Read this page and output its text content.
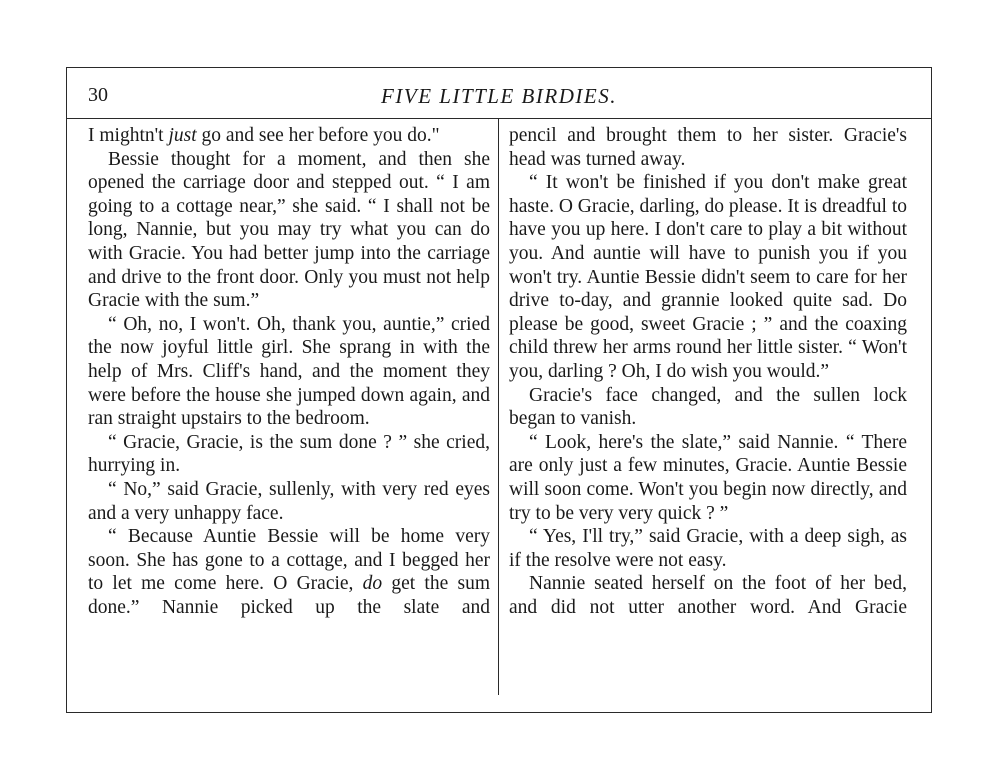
30	FIVE LITTLE BIRDIES.

I mightn't just go and see her before you do."

Bessie thought for a moment, and then she opened the carriage door and stepped out. “ I am going to a cottage near,” she said. “ I shall not be long, Nannie, but you may try what you can do with Gracie. You had better jump into the carriage and drive to the front door. Only you must not help Gracie with the sum.”

“ Oh, no, I won't. Oh, thank you, auntie,” cried the now joyful little girl. She sprang in with the help of Mrs. Cliff's hand, and the moment they were before the house she jumped down again, and ran straight upstairs to the bedroom.

“ Gracie, Gracie, is the sum done ? ” she cried, hurrying in.

“ No,” said Gracie, sullenly, with very red eyes and a very unhappy face.

“ Because Auntie Bessie will be home very soon. She has gone to a cottage, and I begged her to let me come here. O Gracie, do get the sum done.” Nannie picked up the slate and

pencil and brought them to her sister. Gracie's head was turned away.

“ It won't be finished if you don't make great haste. O Gracie, darling, do please. It is dreadful to have you up here. I don't care to play a bit without you. And auntie will have to punish you if you won't try. Auntie Bessie didn't seem to care for her drive to-day, and grannie looked quite sad. Do please be good, sweet Gracie ; ” and the coaxing child threw her arms round her little sister. “ Won't you, darling ? Oh, I do wish you would.”

Gracie's face changed, and the sullen lock began to vanish.

“ Look, here's the slate,” said Nannie. “ There are only just a few minutes, Gracie. Auntie Bessie will soon come. Won't you begin now directly, and try to be very very quick ? ”

“ Yes, I'll try,” said Gracie, with a deep sigh, as if the resolve were not easy.

Nannie seated herself on the foot of her bed, and did not utter another word. And Gracie
